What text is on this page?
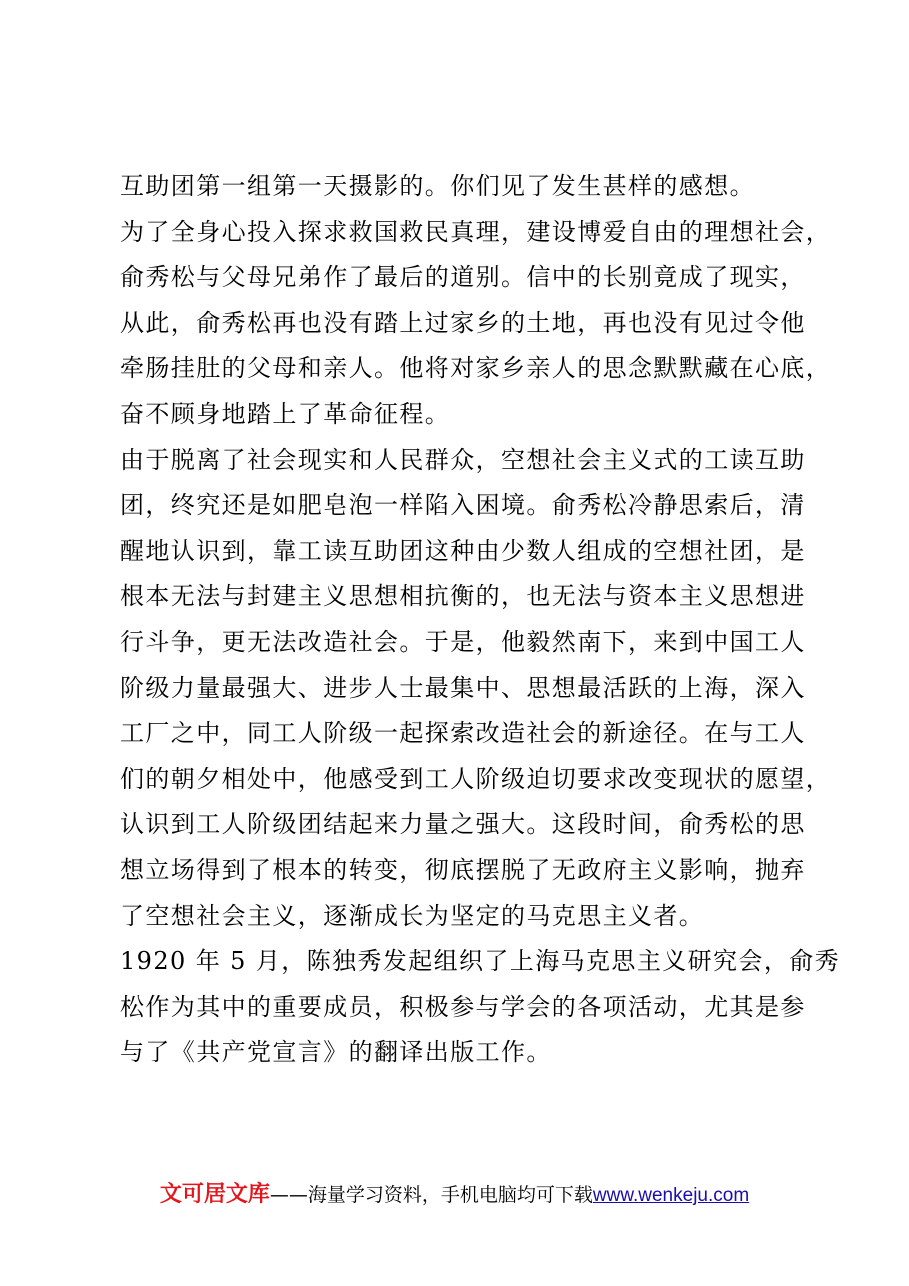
互助团第一组第一天摄影的。你们见了发生甚样的感想。
为了全身心投入探求救国救民真理，建设博爱自由的理想社会，
俞秀松与父母兄弟作了最后的道别。信中的长别竟成了现实，
从此，俞秀松再也没有踏上过家乡的土地，再也没有见过令他
牵肠挂肚的父母和亲人。他将对家乡亲人的思念默默藏在心底，
奋不顾身地踏上了革命征程。
由于脱离了社会现实和人民群众，空想社会主义式的工读互助
团，终究还是如肥皂泡一样陷入困境。俞秀松冷静思索后，清
醒地认识到，靠工读互助团这种由少数人组成的空想社团，是
根本无法与封建主义思想相抗衡的，也无法与资本主义思想进
行斗争，更无法改造社会。于是，他毅然南下，来到中国工人
阶级力量最强大、进步人士最集中、思想最活跃的上海，深入
工厂之中，同工人阶级一起探索改造社会的新途径。在与工人
们的朝夕相处中，他感受到工人阶级迫切要求改变现状的愿望，
认识到工人阶级团结起来力量之强大。这段时间，俞秀松的思
想立场得到了根本的转变，彻底摆脱了无政府主义影响，抛弃
了空想社会主义，逐渐成长为坚定的马克思主义者。
1920 年 5 月，陈独秀发起组织了上海马克思主义研究会，俞秀
松作为其中的重要成员，积极参与学会的各项活动，尤其是参
与了《共产党宣言》的翻译出版工作。
文可居文库——海量学习资料，手机电脑均可下载www.wenkeju.com
